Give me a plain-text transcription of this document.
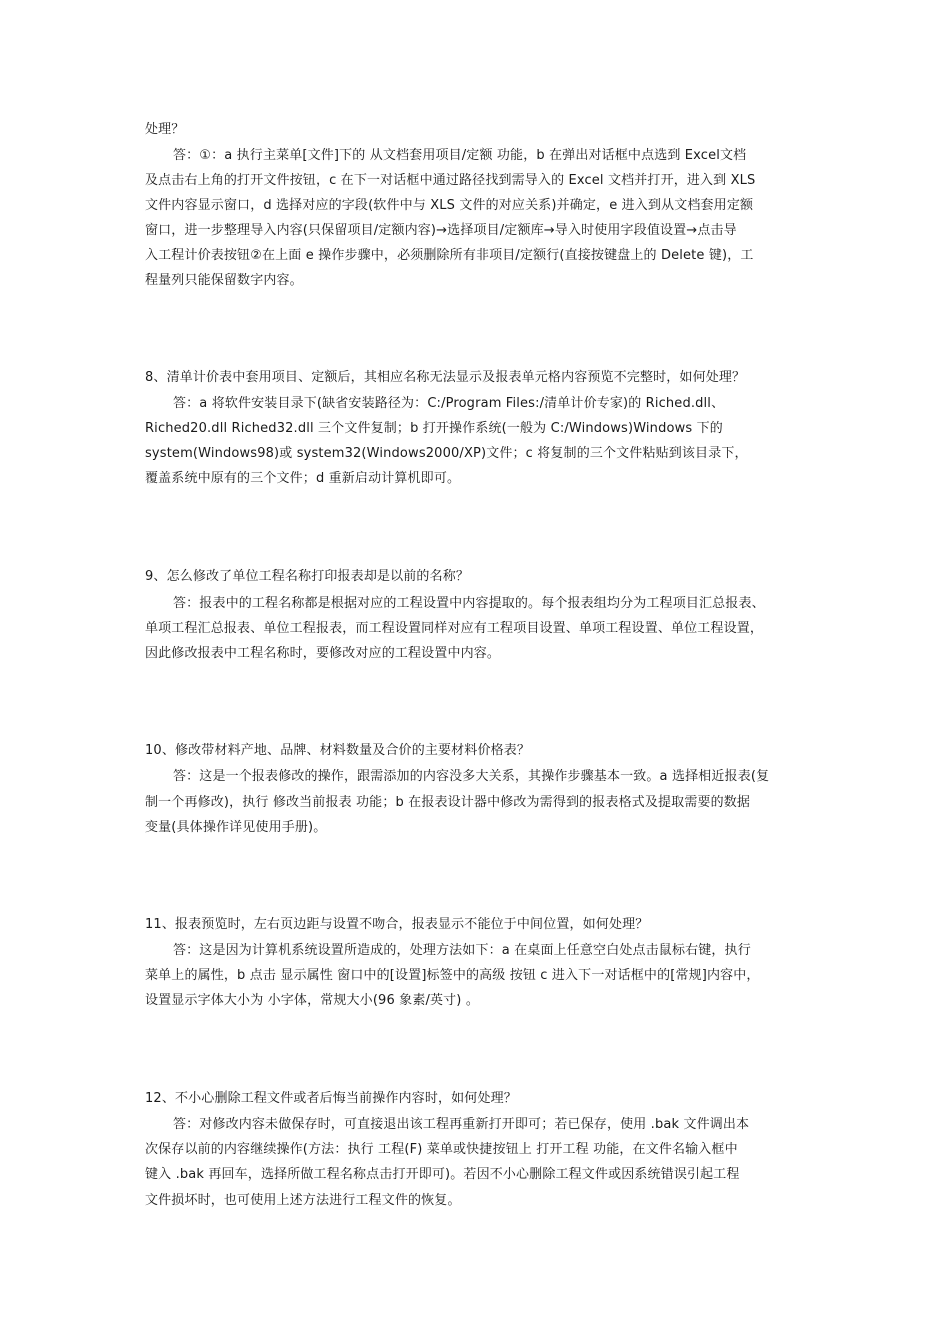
处理？
答：①：a 执行主菜单[文件]下的 从文档套用项目/定额 功能，b 在弹出对话框中点选到 Excel文档
及点击右上角的打开文件按钮，c 在下一对话框中通过路径找到需导入的 Excel 文档并打开，进入到 XLS
文件内容显示窗口，d 选择对应的字段(软件中与 XLS 文件的对应关系)并确定，e 进入到从文档套用定额
窗口，进一步整理导入内容(只保留项目/定额内容)→选择项目/定额库→导入时使用字段值设置→点击导
入工程计价表按钮②在上面 e 操作步骤中，必须删除所有非项目/定额行(直接按键盘上的 Delete 键)，工
程量列只能保留数字内容。
8、清单计价表中套用项目、定额后，其相应名称无法显示及报表单元格内容预览不完整时，如何处理？
答：a 将软件安装目录下(缺省安装路径为：C:/Program Files:/清单计价专家)的 Riched.dll、
Riched20.dll Riched32.dll 三个文件复制；b 打开操作系统(一般为 C:/Windows)Windows 下的
system(Windows98)或 system32(Windows2000/XP)文件；c 将复制的三个文件粘贴到该目录下，
覆盖系统中原有的三个文件；d 重新启动计算机即可。
9、怎么修改了单位工程名称打印报表却是以前的名称？
答：报表中的工程名称都是根据对应的工程设置中内容提取的。每个报表组均分为工程项目汇总报表、
单项工程汇总报表、单位工程报表，而工程设置同样对应有工程项目设置、单项工程设置、单位工程设置，
因此修改报表中工程名称时，要修改对应的工程设置中内容。
10、修改带材料产地、品牌、材料数量及合价的主要材料价格表？
答：这是一个报表修改的操作，跟需添加的内容没多大关系，其操作步骤基本一致。a 选择相近报表(复
制一个再修改)，执行 修改当前报表 功能；b 在报表设计器中修改为需得到的报表格式及提取需要的数据
变量(具体操作详见使用手册)。
11、报表预览时，左右页边距与设置不吻合，报表显示不能位于中间位置，如何处理？
答：这是因为计算机系统设置所造成的，处理方法如下：a 在桌面上任意空白处点击鼠标右键，执行
菜单上的属性，b 点击 显示属性 窗口中的[设置]标签中的高级 按钮 c 进入下一对话框中的[常规]内容中，
设置显示字体大小为 小字体，常规大小(96 象素/英寸) 。
12、不小心删除工程文件或者后悔当前操作内容时，如何处理？
答：对修改内容未做保存时，可直接退出该工程再重新打开即可；若已保存，使用 .bak 文件调出本
次保存以前的内容继续操作(方法：执行 工程(F) 菜单或快捷按钮上 打开工程 功能，在文件名输入框中
键入 .bak 再回车，选择所做工程名称点击打开即可)。若因不小心删除工程文件或因系统错误引起工程
文件损坏时，也可使用上述方法进行工程文件的恢复。
